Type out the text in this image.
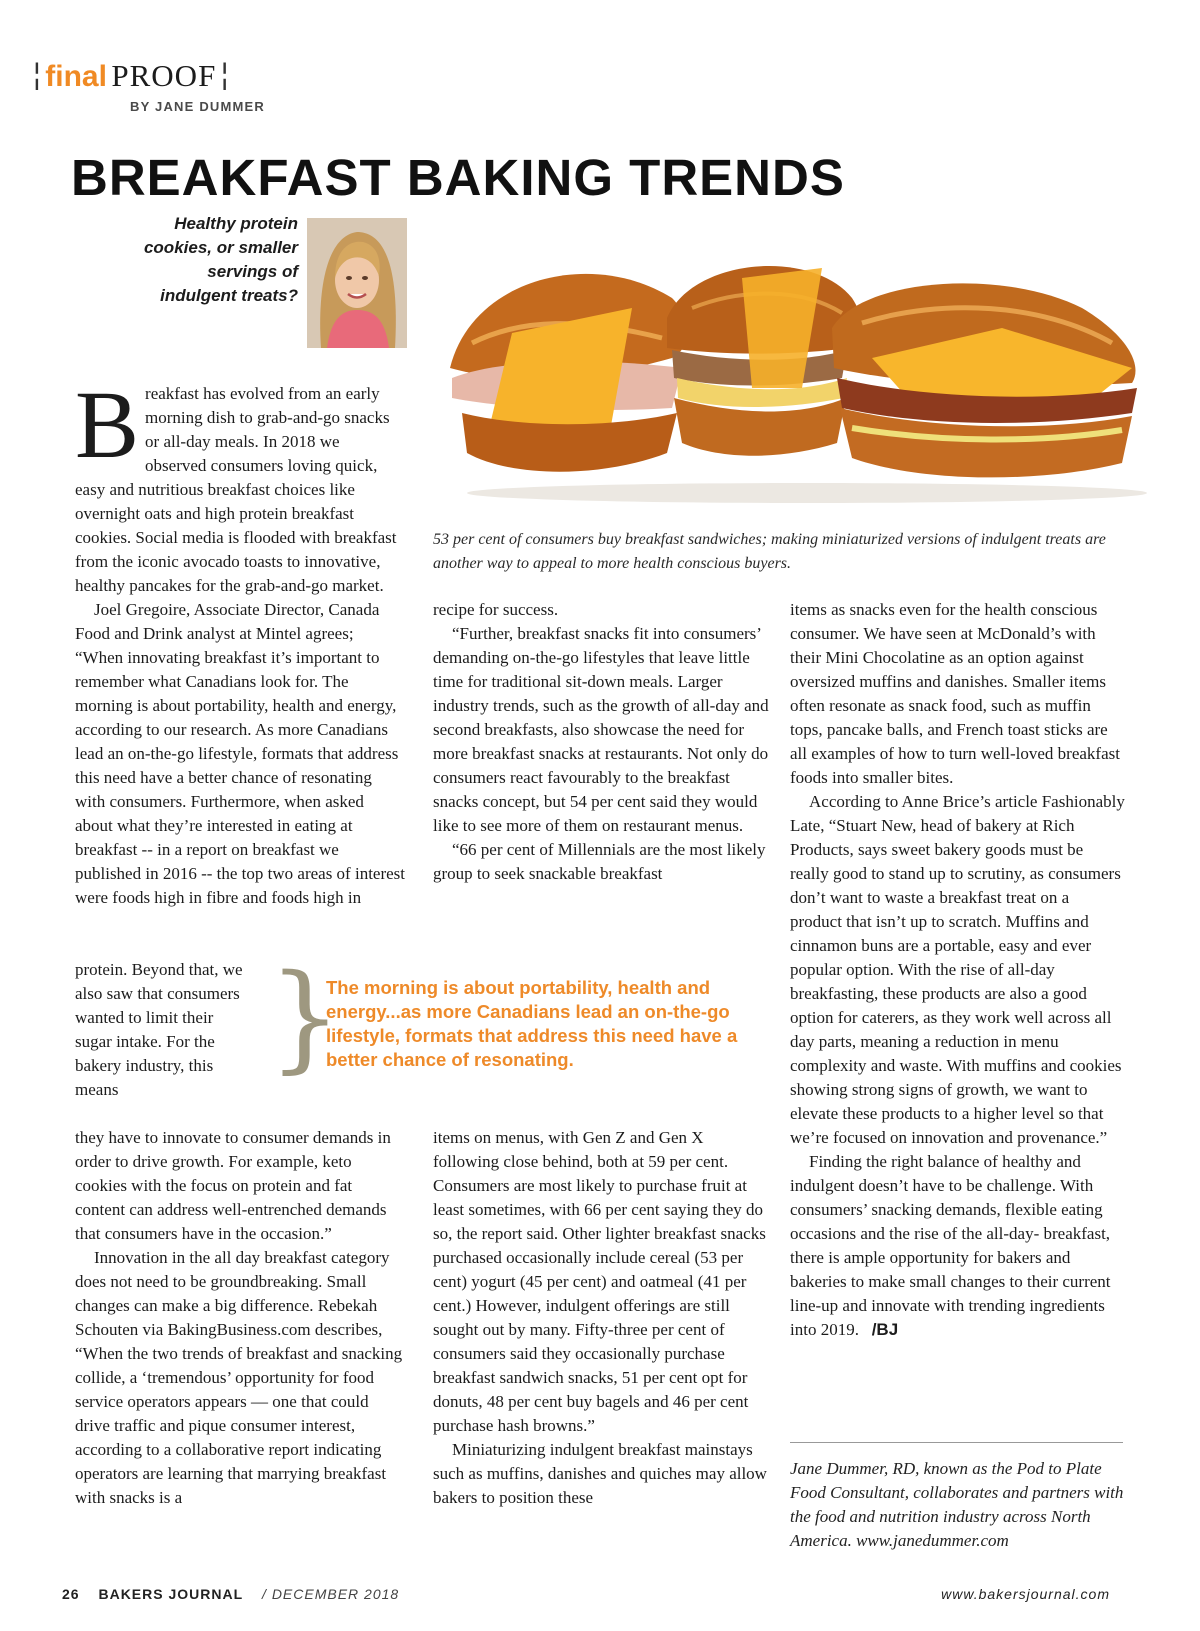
¦ final PROOF ¦
BY JANE DUMMER
BREAKFAST BAKING TRENDS
Healthy protein cookies, or smaller servings of indulgent treats?
53 per cent of consumers buy breakfast sandwiches; making miniaturized versions of indulgent treats are another way to appeal to more health conscious buyers.

Breakfast has evolved from an early morning dish to grab-and-go snacks or all-day meals. In 2018 we observed consumers loving quick, easy and nutritious breakfast choices like overnight oats and high protein breakfast cookies. Social media is flooded with breakfast from the iconic avocado toasts to innovative, healthy pancakes for the grab-and-go market.

Joel Gregoire, Associate Director, Canada Food and Drink analyst at Mintel agrees; “When innovating breakfast it’s important to remember what Canadians look for. The morning is about portability, health and energy, according to our research. As more Canadians lead an on-the-go lifestyle, formats that address this need have a better chance of resonating with consumers. Furthermore, when asked about what they’re interested in eating at breakfast -- in a report on breakfast we published in 2016 -- the top two areas of interest were foods high in fibre and foods high in

protein. Beyond that, we also saw that consumers wanted to limit their sugar intake. For the bakery industry, this means

they have to innovate to consumer demands in order to drive growth. For example, keto cookies with the focus on protein and fat content can address well-entrenched demands that consumers have in the occasion.”

Innovation in the all day breakfast category does not need to be groundbreaking. Small changes can make a big difference. Rebekah Schouten via BakingBusiness.com describes, “When the two trends of breakfast and snacking collide, a ‘tremendous’ opportunity for food service operators appears — one that could drive traffic and pique consumer interest, according to a collaborative report indicating operators are learning that marrying breakfast with snacks is a

}
The morning is about portability, health and energy...as more Canadians lead an on-the-go lifestyle, formats that address this need have a better chance of resonating.

recipe for success.

“Further, breakfast snacks fit into consumers’ demanding on-the-go lifestyles that leave little time for traditional sit-down meals. Larger industry trends, such as the growth of all-day and second breakfasts, also showcase the need for more breakfast snacks at restaurants. Not only do consumers react favourably to the breakfast snacks concept, but 54 per cent said they would like to see more of them on restaurant menus.

“66 per cent of Millennials are the most likely group to seek snackable breakfast

items on menus, with Gen Z and Gen X following close behind, both at 59 per cent. Consumers are most likely to purchase fruit at least sometimes, with 66 per cent saying they do so, the report said. Other lighter breakfast snacks purchased occasionally include cereal (53 per cent) yogurt (45 per cent) and oatmeal (41 per cent.) However, indulgent offerings are still sought out by many. Fifty-three per cent of consumers said they occasionally purchase breakfast sandwich snacks, 51 per cent opt for donuts, 48 per cent buy bagels and 46 per cent purchase hash browns.”

Miniaturizing indulgent breakfast mainstays such as muffins, danishes and quiches may allow bakers to position these

items as snacks even for the health conscious consumer. We have seen at McDonald’s with their Mini Chocolatine as an option against oversized muffins and danishes. Smaller items often resonate as snack food, such as muffin tops, pancake balls, and French toast sticks are all examples of how to turn well-loved breakfast foods into smaller bites.

According to Anne Brice’s article Fashionably Late, “Stuart New, head of bakery at Rich Products, says sweet bakery goods must be really good to stand up to scrutiny, as consumers don’t want to waste a breakfast treat on a product that isn’t up to scratch. Muffins and cinnamon buns are a portable, easy and ever popular option. With the rise of all-day breakfasting, these products are also a good option for caterers, as they work well across all day parts, meaning a reduction in menu complexity and waste. With muffins and cookies showing strong signs of growth, we want to elevate these products to a higher level so that we’re focused on innovation and provenance.”

Finding the right balance of healthy and indulgent doesn’t have to be challenge. With consumers’ snacking demands, flexible eating occasions and the rise of the all-day- breakfast, there is ample opportunity for bakers and bakeries to make small changes to their current line-up and innovate with trending ingredients into 2019. /BJ

Jane Dummer, RD, known as the Pod to Plate Food Consultant, collaborates and partners with the food and nutrition industry across North America. www.janedummer.com
26 BAKERS JOURNAL / DECEMBER 2018	www.bakersjournal.com
